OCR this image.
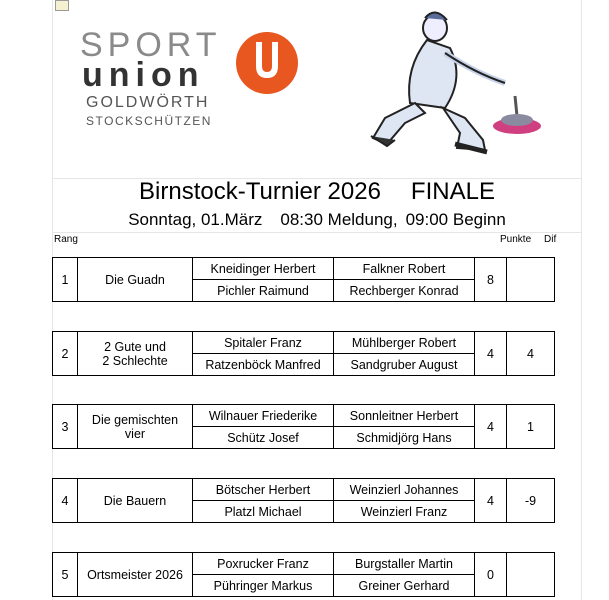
SPORT
union
GOLDWÖRTH
STOCKSCHÜTZEN
Birnstock-Turnier 2026 FINALE
Sonntag, 01.März 08:30 Meldung, 09:00 Beginn
Rang	Punkte Dif
1	Die Guadn	Kneidinger Herbert	Falkner Robert	8	
		Pichler Raimund	Rechberger Konrad		
2	2 Gute und
2 Schlechte	Spitaler Franz	Mühlberger Robert	4	4
		Ratzenböck Manfred	Sandgruber August		
3	Die gemischten
vier	Wilnauer Friederike	Sonnleitner Herbert	4	1
		Schütz Josef	Schmidjörg Hans		
4	Die Bauern	Bötscher Herbert	Weinzierl Johannes	4	-9
		Platzl Michael	Weinzierl Franz		
5	Ortsmeister 2026	Poxrucker Franz	Burgstaller Martin	0	
		Pühringer Markus	Greiner Gerhard		
